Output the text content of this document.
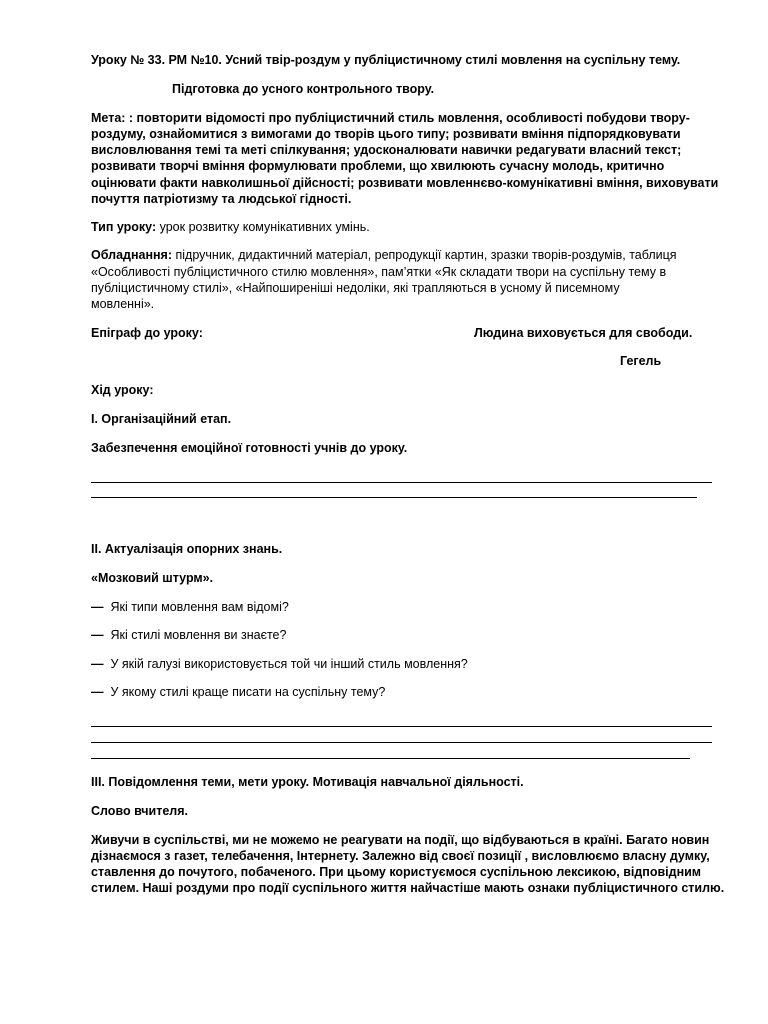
Уроку № 33. РМ №10. Усний твір-роздум у публіцистичному стилі мовлення на суспільну тему.

Підготовка до усного контрольного твору.

Мета: : повторити відомості про публіцистичний стиль мовлення, особливості побудови твору-

роздуму, ознайомитися з вимогами до творів цього типу; розвивати вміння підпорядковувати

висловлювання темі та меті спілкування; удосконалювати навички редагувати власний текст;

розвивати творчі вміння формулювати проблеми, що хвилюють сучасну молодь, критично

оцінювати факти навколишньої дійсності; розвивати мовленнєво-комунікативні вміння, виховувати

почуття патріотизму та людської гідності.

Тип уроку: урок розвитку комунікативних умінь.

Обладнання: підручник, дидактичний матеріал, репродукції картин, зразки творів-роздумів, таблиця

«Особливості публіцистичного стилю мовлення», пам’ятки «Як складати твори на суспільну тему в

публіцистичному стилі», «Найпоширеніші недоліки, які трапляються в усному й писемному

мовленні».

Епіграф до уроку:	Людина виховується для свободи.

Гегель

Хід уроку:

І. Організаційний етап.

Забезпечення емоційної готовності учнів до уроку.

ІІ. Актуалізація опорних знань.

«Мозковий штурм».

— Які типи мовлення вам відомі?

— Які стилі мовлення ви знаєте?

— У якій галузі використовується той чи інший стиль мовлення?

— У якому стилі краще писати на суспільну тему?

ІІІ. Повідомлення теми, мети уроку. Мотивація навчальної діяльності.

Слово вчителя.

Живучи в суспільстві, ми не можемо не реагувати на події, що відбуваються в країні. Багато новин

дізнаємося з газет, телебачення, Інтернету. Залежно від своєї позиції , висловлюємо власну думку,

ставлення до почутого, побаченого. При цьому користуємося суспільною лексикою, відповідним

стилем. Наші роздуми про події суспільного життя найчастіше мають ознаки публіцистичного стилю.
